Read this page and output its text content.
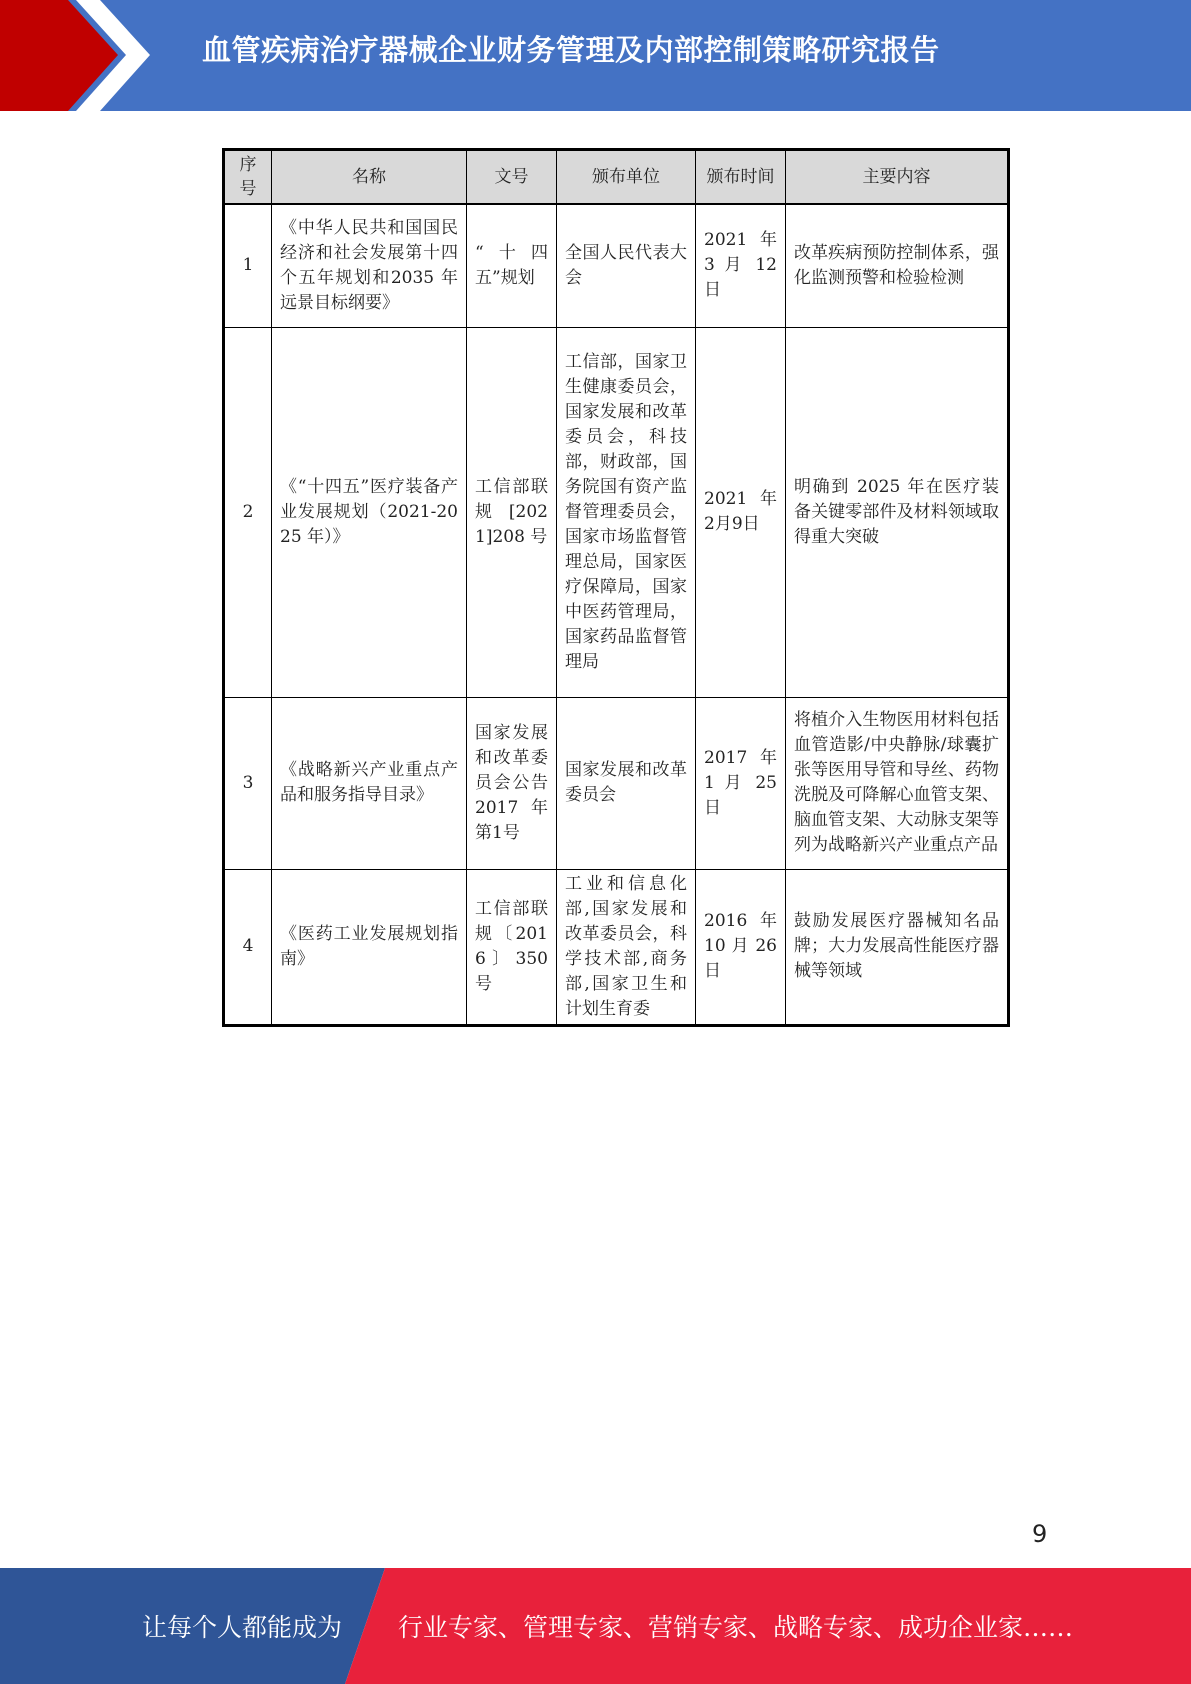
血管疾病治疗器械企业财务管理及内部控制策略研究报告
序号	名称	文号	颁布单位	颁布时间	主要内容
1	《中华人民共和国国民经济和社会发展第十四个五年规划和2035 年远景目标纲要》	“十四五”规划	全国人民代表大会	2021 年 3 月 12 日	改革疾病预防控制体系，强化监测预警和检验检测
2	《“十四五”医疗装备产业发展规划（2021-2025 年）》	工信部联规[2021]208 号	工信部，国家卫生健康委员会，国家发展和改革委员会，科技部，财政部，国务院国有资产监督管理委员会，国家市场监督管理总局，国家医疗保障局，国家中医药管理局，国家药品监督管理局	2021 年 2月9日	明确到 2025 年在医疗装备关键零部件及材料领域取得重大突破
3	《战略新兴产业重点产品和服务指导目录》	国家发展和改革委员会公告 2017 年第1号	国家发展和改革委员会	2017 年 1 月 25 日	将植介入生物医用材料包括血管造影/中央静脉/球囊扩张等医用导管和导丝、药物洗脱及可降解心血管支架、脑血管支架、大动脉支架等列为战略新兴产业重点产品
4	《医药工业发展规划指南》	工信部联规〔2016〕350 号	工业和信息化部,国家发展和改革委员会，科学技术部,商务部,国家卫生和计划生育委	2016 年 10 月 26 日	鼓励发展医疗器械知名品牌；大力发展高性能医疗器械等领域
9
让每个人都能成为 行业专家、管理专家、营销专家、战略专家、成功企业家……
